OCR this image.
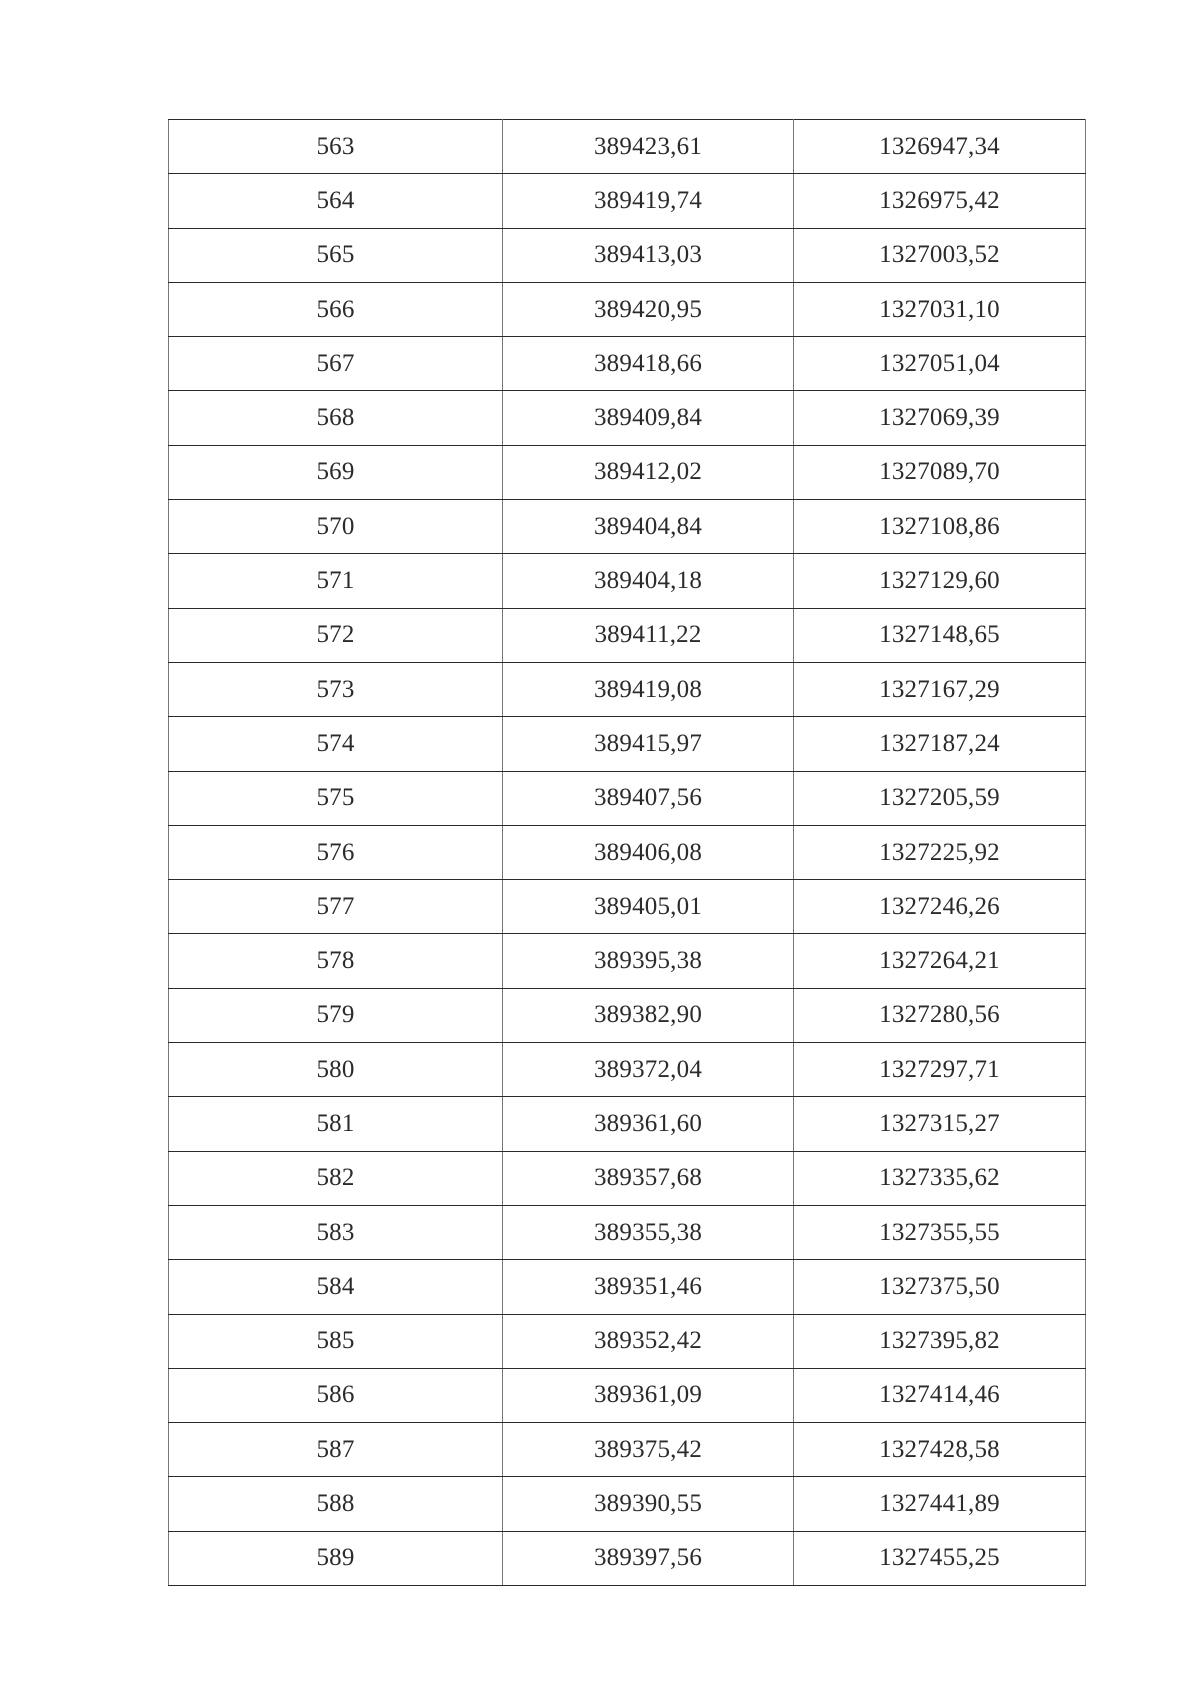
563	389423,61	1326947,34
564	389419,74	1326975,42
565	389413,03	1327003,52
566	389420,95	1327031,10
567	389418,66	1327051,04
568	389409,84	1327069,39
569	389412,02	1327089,70
570	389404,84	1327108,86
571	389404,18	1327129,60
572	389411,22	1327148,65
573	389419,08	1327167,29
574	389415,97	1327187,24
575	389407,56	1327205,59
576	389406,08	1327225,92
577	389405,01	1327246,26
578	389395,38	1327264,21
579	389382,90	1327280,56
580	389372,04	1327297,71
581	389361,60	1327315,27
582	389357,68	1327335,62
583	389355,38	1327355,55
584	389351,46	1327375,50
585	389352,42	1327395,82
586	389361,09	1327414,46
587	389375,42	1327428,58
588	389390,55	1327441,89
589	389397,56	1327455,25
